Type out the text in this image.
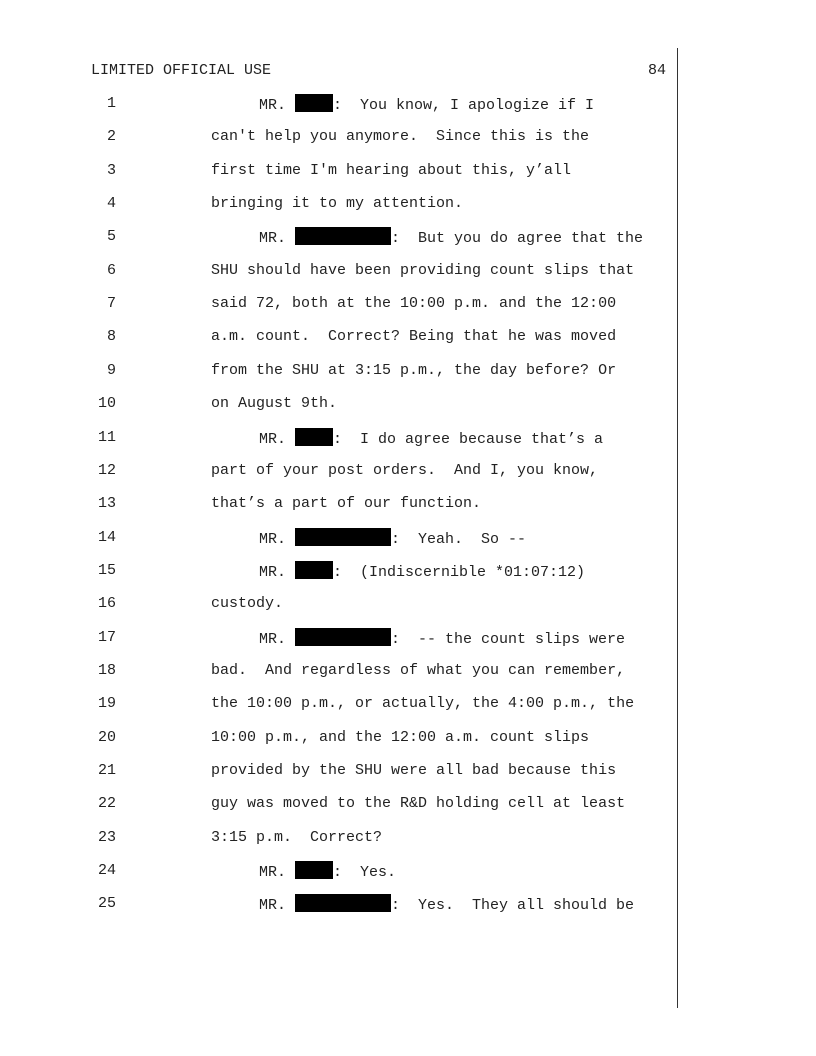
LIMITED OFFICIAL USE	84
1	MR.	:  You know, I apologize if I
2	can't help you anymore.  Since this is the
3	first time I'm hearing about this, y’all
4	bringing it to my attention.
5	MR.	:  But you do agree that the
6	SHU should have been providing count slips that
7	said 72, both at the 10:00 p.m. and the 12:00
8	a.m. count.  Correct? Being that he was moved
9	from the SHU at 3:15 p.m., the day before? Or
10	on August 9th.
11	MR.	:  I do agree because that’s a
12	part of your post orders.  And I, you know,
13	that’s a part of our function.
14	MR.	:  Yeah.  So --
15	MR.	:  (Indiscernible *01:07:12)
16	custody.
17	MR.	:  -- the count slips were
18	bad.  And regardless of what you can remember,
19	the 10:00 p.m., or actually, the 4:00 p.m., the
20	10:00 p.m., and the 12:00 a.m. count slips
21	provided by the SHU were all bad because this
22	guy was moved to the R&D holding cell at least
23	3:15 p.m.  Correct?
24	MR.	:  Yes.
25	MR.	:  Yes.  They all should be
